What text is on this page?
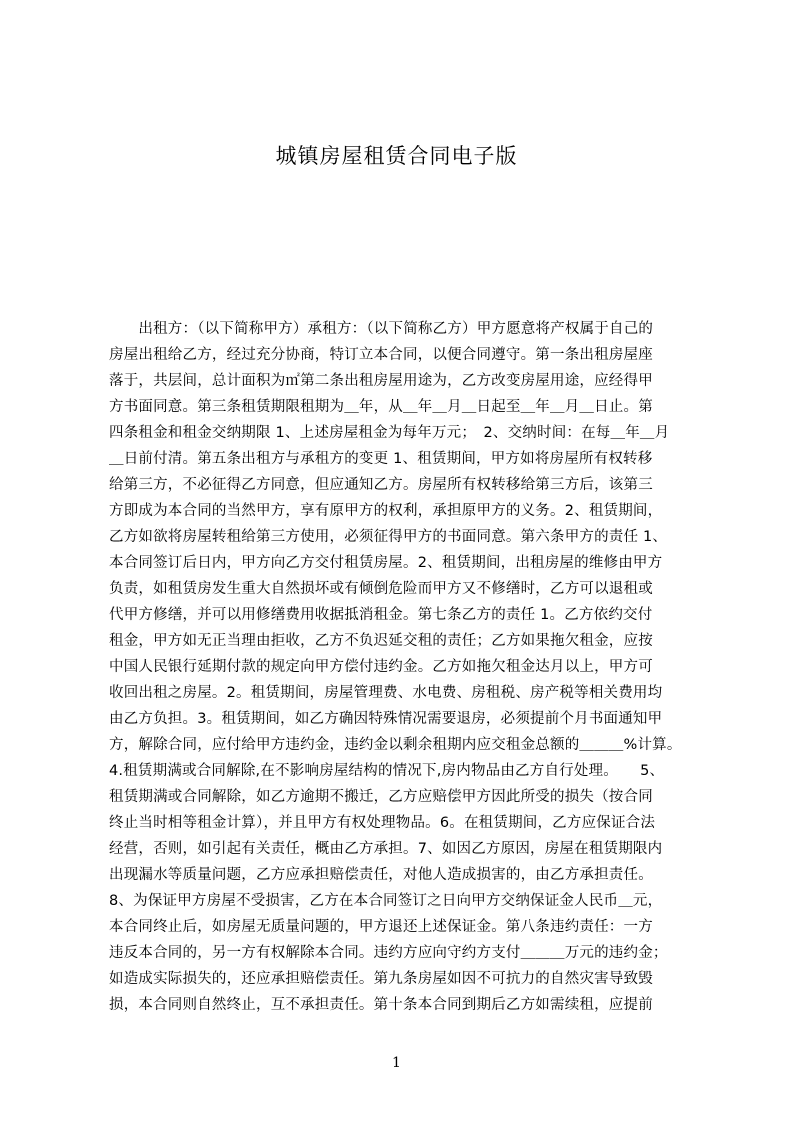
城镇房屋租赁合同电子版
　　出租方：（以下简称甲方）承租方：（以下简称乙方）甲方愿意将产权属于自己的
房屋出租给乙方，经过充分协商，特订立本合同，以便合同遵守。第一条出租房屋座
落于，共层间，总计面积为㎡第二条出租房屋用途为，乙方改变房屋用途，应经得甲
方书面同意。第三条租赁期限租期为＿年，从＿年＿月＿日起至＿年＿月＿日止。第
四条租金和租金交纳期限 1、上述房屋租金为每年万元；　2、交纳时间：在每＿年＿月
＿日前付清。第五条出租方与承租方的变更 1、租赁期间，甲方如将房屋所有权转移
给第三方，不必征得乙方同意，但应通知乙方。房屋所有权转移给第三方后，该第三
方即成为本合同的当然甲方，享有原甲方的权利，承担原甲方的义务。2、租赁期间，
乙方如欲将房屋转租给第三方使用，必须征得甲方的书面同意。第六条甲方的责任 1、
本合同签订后日内，甲方向乙方交付租赁房屋。2、租赁期间，出租房屋的维修由甲方
负责，如租赁房发生重大自然损坏或有倾倒危险而甲方又不修缮时，乙方可以退租或
代甲方修缮，并可以用修缮费用收据抵消租金。第七条乙方的责任 1。乙方依约交付
租金，甲方如无正当理由拒收，乙方不负迟延交租的责任；乙方如果拖欠租金，应按
中国人民银行延期付款的规定向甲方偿付违约金。乙方如拖欠租金达月以上，甲方可
收回出租之房屋。2。租赁期间，房屋管理费、水电费、房租税、房产税等相关费用均
由乙方负担。3。租赁期间，如乙方确因特殊情况需要退房，必须提前个月书面通知甲
方，解除合同，应付给甲方违约金，违约金以剩余租期内应交租金总额的＿＿＿%计算。
4.租赁期满或合同解除,在不影响房屋结构的情况下,房内物品由乙方自行处理。　　5、
租赁期满或合同解除，如乙方逾期不搬迁，乙方应赔偿甲方因此所受的损失（按合同
终止当时相等租金计算），并且甲方有权处理物品。6。在租赁期间，乙方应保证合法
经营，否则，如引起有关责任，概由乙方承担。7、如因乙方原因，房屋在租赁期限内
出现漏水等质量问题，乙方应承担赔偿责任，对他人造成损害的，由乙方承担责任。
8、为保证甲方房屋不受损害，乙方在本合同签订之日向甲方交纳保证金人民币＿元，
本合同终止后，如房屋无质量问题的，甲方退还上述保证金。第八条违约责任：一方
违反本合同的，另一方有权解除本合同。违约方应向守约方支付＿＿＿万元的违约金；
如造成实际损失的，还应承担赔偿责任。第九条房屋如因不可抗力的自然灾害导致毁
损，本合同则自然终止，互不承担责任。第十条本合同到期后乙方如需续租，应提前
1
